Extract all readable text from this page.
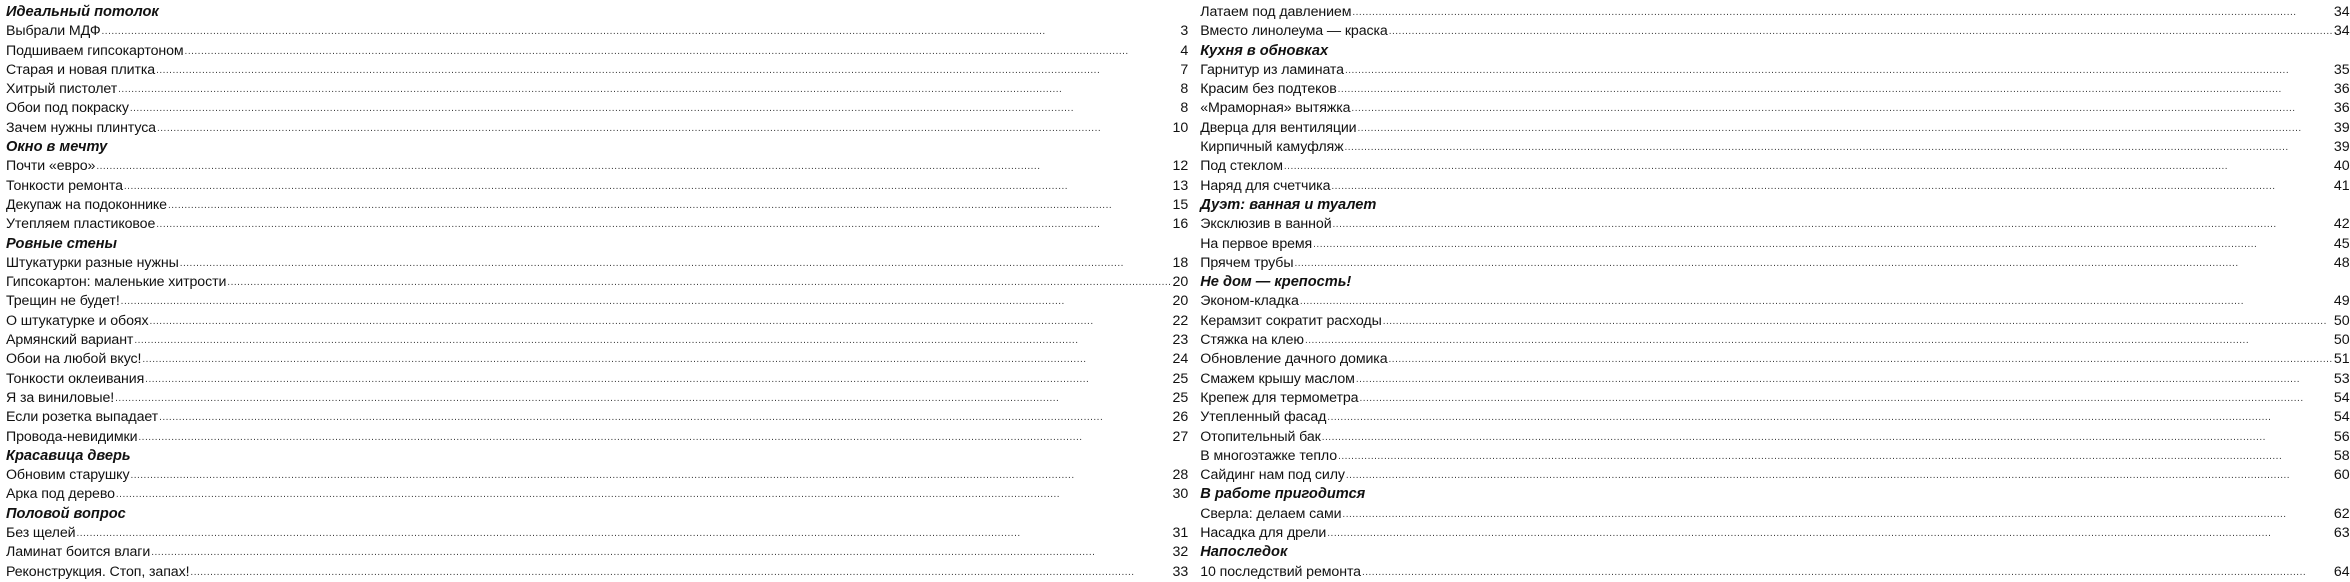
Идеальный потолок
Выбрали МДФ .....	3
Подшиваем гипсокартоном .....	4
Старая и новая плитка .....	7
Хитрый пистолет .....	8
Обои под покраску .....	8
Зачем нужны плинтуса .....	10
Окно в мечту
Почти «евро» .....	12
Тонкости ремонта .....	13
Декупаж на подоконнике .....	15
Утепляем пластиковое .....	16
Ровные стены
Штукатурки разные нужны .....	18
Гипсокартон: маленькие хитрости .....	20
Трещин не будет! .....	20
О штукатурке и обоях .....	22
Армянский вариант .....	23
Обои на любой вкус! .....	24
Тонкости оклеивания .....	25
Я за виниловые! .....	25
Если розетка выпадает .....	26
Провода-невидимки .....	27
Красавица дверь
Обновим старушку .....	28
Арка под дерево .....	30
Половой вопрос
Без щелей .....	31
Ламинат боится влаги .....	32
Реконструкция. Стоп, запах! .....	33
Латаем под давлением .....	34
Вместо линолеума — краска .....	34
Кухня в обновках
Гарнитур из ламината .....	35
Красим без подтеков .....	36
«Мраморная» вытяжка .....	36
Дверца для вентиляции .....	39
Кирпичный камуфляж .....	39
Под стеклом .....	40
Наряд для счетчика .....	41
Дуэт: ванная и туалет
Эксклюзив в ванной .....	42
На первое время .....	45
Прячем трубы .....	48
Не дом — крепость!
Эконом-кладка .....	49
Керамзит сократит расходы .....	50
Стяжка на клею .....	50
Обновление дачного домика .....	51
Смажем крышу маслом .....	53
Крепеж для термометра .....	54
Утепленный фасад .....	54
Отопительный бак .....	56
В многоэтажке тепло .....	58
Сайдинг нам под силу .....	60
В работе пригодится
Сверла: делаем сами .....	62
Насадка для дрели .....	63
Напоследок
10 последствий ремонта .....	64
